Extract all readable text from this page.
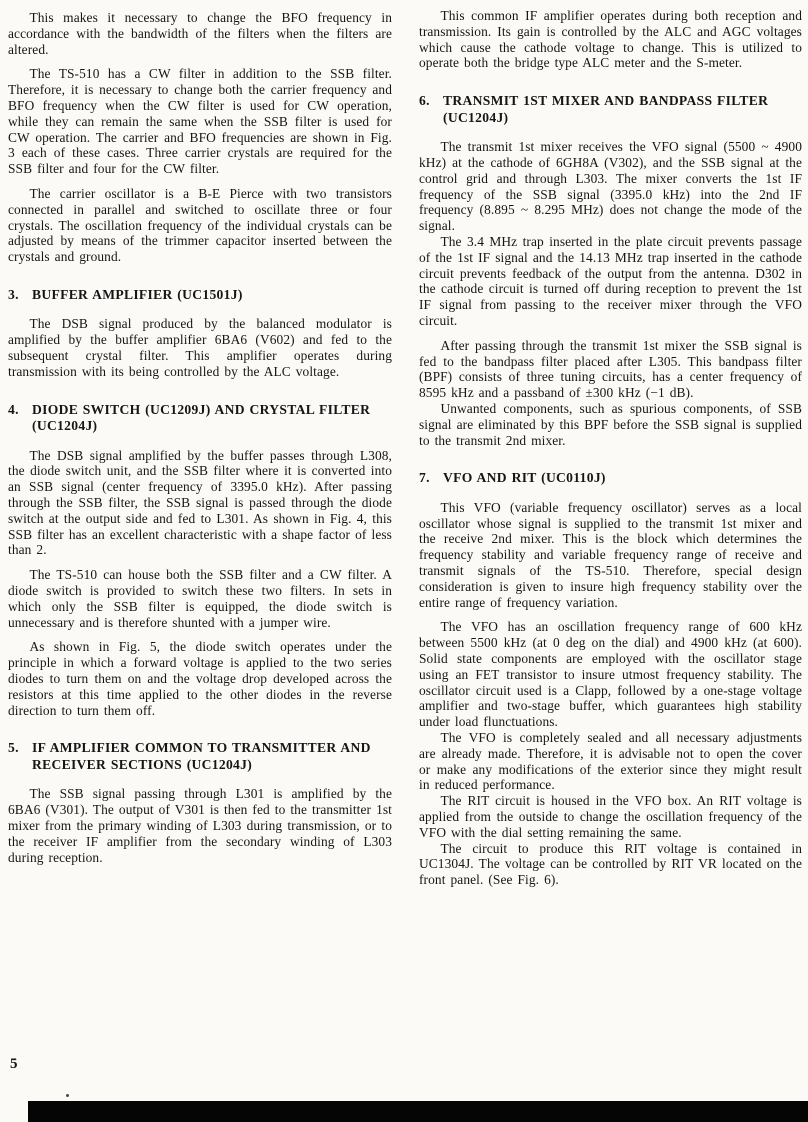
This makes it necessary to change the BFO frequency in accordance with the bandwidth of the filters when the filters are altered.

The TS-510 has a CW filter in addition to the SSB filter. Therefore, it is necessary to change both the carrier frequency and BFO frequency when the CW filter is used for CW operation, while they can remain the same when the SSB filter is used for CW operation. The carrier and BFO frequencies are shown in Fig. 3 each of these cases. Three carrier crystals are required for the SSB filter and four for the CW filter.

The carrier oscillator is a B-E Pierce with two transistors connected in parallel and switched to oscillate three or four crystals. The oscillation frequency of the individual crystals can be adjusted by means of the trimmer capacitor inserted between the crystals and ground.

3. BUFFER AMPLIFIER (UC1501J)

The DSB signal produced by the balanced modulator is amplified by the buffer amplifier 6BA6 (V602) and fed to the subsequent crystal filter. This amplifier operates during transmission with its being controlled by the ALC voltage.

4. DIODE SWITCH (UC1209J) AND CRYSTAL FILTER (UC1204J)

The DSB signal amplified by the buffer passes through L308, the diode switch unit, and the SSB filter where it is converted into an SSB signal (center frequency of 3395.0 kHz). After passing through the SSB filter, the SSB signal is passed through the diode switch at the output side and fed to L301. As shown in Fig. 4, this SSB filter has an excellent characteristic with a shape factor of less than 2.

The TS-510 can house both the SSB filter and a CW filter. A diode switch is provided to switch these two filters. In sets in which only the SSB filter is equipped, the diode switch is unnecessary and is therefore shunted with a jumper wire.

As shown in Fig. 5, the diode switch operates under the principle in which a forward voltage is applied to the two series diodes to turn them on and the voltage drop developed across the resistors at this time applied to the other diodes in the reverse direction to turn them off.

5. IF AMPLIFIER COMMON TO TRANSMITTER AND RECEIVER SECTIONS (UC1204J)

The SSB signal passing through L301 is amplified by the 6BA6 (V301). The output of V301 is then fed to the transmitter 1st mixer from the primary winding of L303 during transmission, or to the receiver IF amplifier from the secondary winding of L303 during reception.

This common IF amplifier operates during both reception and transmission. Its gain is controlled by the ALC and AGC voltages which cause the cathode voltage to change. This is utilized to operate both the bridge type ALC meter and the S-meter.

6. TRANSMIT 1ST MIXER AND BANDPASS FILTER (UC1204J)

The transmit 1st mixer receives the VFO signal (5500 ~ 4900 kHz) at the cathode of 6GH8A (V302), and the SSB signal at the control grid and through L303. The mixer converts the 1st IF frequency of the SSB signal (3395.0 kHz) into the 2nd IF frequency (8.895 ~ 8.295 MHz) does not change the mode of the signal.

The 3.4 MHz trap inserted in the plate circuit prevents passage of the 1st IF signal and the 14.13 MHz trap inserted in the cathode circuit prevents feedback of the output from the antenna. D302 in the cathode circuit is turned off during reception to prevent the 1st IF signal from passing to the receiver mixer through the VFO circuit.

After passing through the transmit 1st mixer the SSB signal is fed to the bandpass filter placed after L305. This bandpass filter (BPF) consists of three tuning circuits, has a center frequency of 8595 kHz and a passband of ±300 kHz (−1 dB).

Unwanted components, such as spurious components, of SSB signal are eliminated by this BPF before the SSB signal is supplied to the transmit 2nd mixer.

7. VFO AND RIT (UC0110J)

This VFO (variable frequency oscillator) serves as a local oscillator whose signal is supplied to the transmit 1st mixer and the receive 2nd mixer. This is the block which determines the frequency stability and variable frequency range of receive and transmit signals of the TS-510. Therefore, special design consideration is given to insure high frequency stability over the entire range of frequency variation.

The VFO has an oscillation frequency range of 600 kHz between 5500 kHz (at 0 deg on the dial) and 4900 kHz (at 600). Solid state components are employed with the oscillator stage using an FET transistor to insure utmost frequency stability. The oscillator circuit used is a Clapp, followed by a one-stage voltage amplifier and two-stage buffer, which guarantees high stability under load flunctuations.

The VFO is completely sealed and all necessary adjustments are already made. Therefore, it is advisable not to open the cover or make any modifications of the exterior since they might result in reduced performance.

The RIT circuit is housed in the VFO box. An RIT voltage is applied from the outside to change the oscillation frequency of the VFO with the dial setting remaining the same.

The circuit to produce this RIT voltage is contained in UC1304J. The voltage can be controlled by RIT VR located on the front panel. (See Fig. 6).

5
